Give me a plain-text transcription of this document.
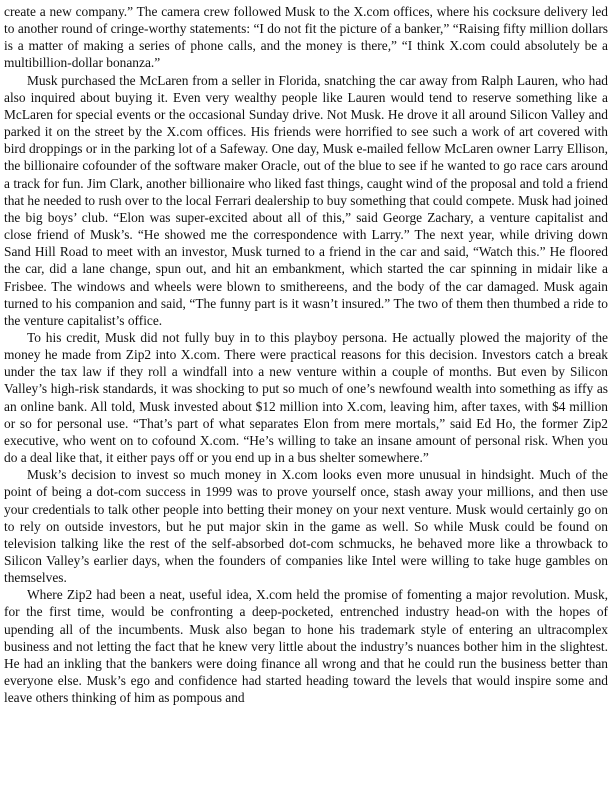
create a new company.” The camera crew followed Musk to the X.com offices, where his cocksure delivery led to another round of cringe-worthy statements: “I do not fit the picture of a banker,” “Raising fifty million dollars is a matter of making a series of phone calls, and the money is there,” “I think X.com could absolutely be a multibillion-dollar bonanza.”

Musk purchased the McLaren from a seller in Florida, snatching the car away from Ralph Lauren, who had also inquired about buying it. Even very wealthy people like Lauren would tend to reserve something like a McLaren for special events or the occasional Sunday drive. Not Musk. He drove it all around Silicon Valley and parked it on the street by the X.com offices. His friends were horrified to see such a work of art covered with bird droppings or in the parking lot of a Safeway. One day, Musk e-mailed fellow McLaren owner Larry Ellison, the billionaire cofounder of the software maker Oracle, out of the blue to see if he wanted to go race cars around a track for fun. Jim Clark, another billionaire who liked fast things, caught wind of the proposal and told a friend that he needed to rush over to the local Ferrari dealership to buy something that could compete. Musk had joined the big boys’ club. “Elon was super-excited about all of this,” said George Zachary, a venture capitalist and close friend of Musk’s. “He showed me the correspondence with Larry.” The next year, while driving down Sand Hill Road to meet with an investor, Musk turned to a friend in the car and said, “Watch this.” He floored the car, did a lane change, spun out, and hit an embankment, which started the car spinning in midair like a Frisbee. The windows and wheels were blown to smithereens, and the body of the car damaged. Musk again turned to his companion and said, “The funny part is it wasn’t insured.” The two of them then thumbed a ride to the venture capitalist’s office.

To his credit, Musk did not fully buy in to this playboy persona. He actually plowed the majority of the money he made from Zip2 into X.com. There were practical reasons for this decision. Investors catch a break under the tax law if they roll a windfall into a new venture within a couple of months. But even by Silicon Valley’s high-risk standards, it was shocking to put so much of one’s newfound wealth into something as iffy as an online bank. All told, Musk invested about $12 million into X.com, leaving him, after taxes, with $4 million or so for personal use. “That’s part of what separates Elon from mere mortals,” said Ed Ho, the former Zip2 executive, who went on to cofound X.com. “He’s willing to take an insane amount of personal risk. When you do a deal like that, it either pays off or you end up in a bus shelter somewhere.”

Musk’s decision to invest so much money in X.com looks even more unusual in hindsight. Much of the point of being a dot-com success in 1999 was to prove yourself once, stash away your millions, and then use your credentials to talk other people into betting their money on your next venture. Musk would certainly go on to rely on outside investors, but he put major skin in the game as well. So while Musk could be found on television talking like the rest of the self-absorbed dot-com schmucks, he behaved more like a throwback to Silicon Valley’s earlier days, when the founders of companies like Intel were willing to take huge gambles on themselves.

Where Zip2 had been a neat, useful idea, X.com held the promise of fomenting a major revolution. Musk, for the first time, would be confronting a deep-pocketed, entrenched industry head-on with the hopes of upending all of the incumbents. Musk also began to hone his trademark style of entering an ultracomplex business and not letting the fact that he knew very little about the industry’s nuances bother him in the slightest. He had an inkling that the bankers were doing finance all wrong and that he could run the business better than everyone else. Musk’s ego and confidence had started heading toward the levels that would inspire some and leave others thinking of him as pompous and
